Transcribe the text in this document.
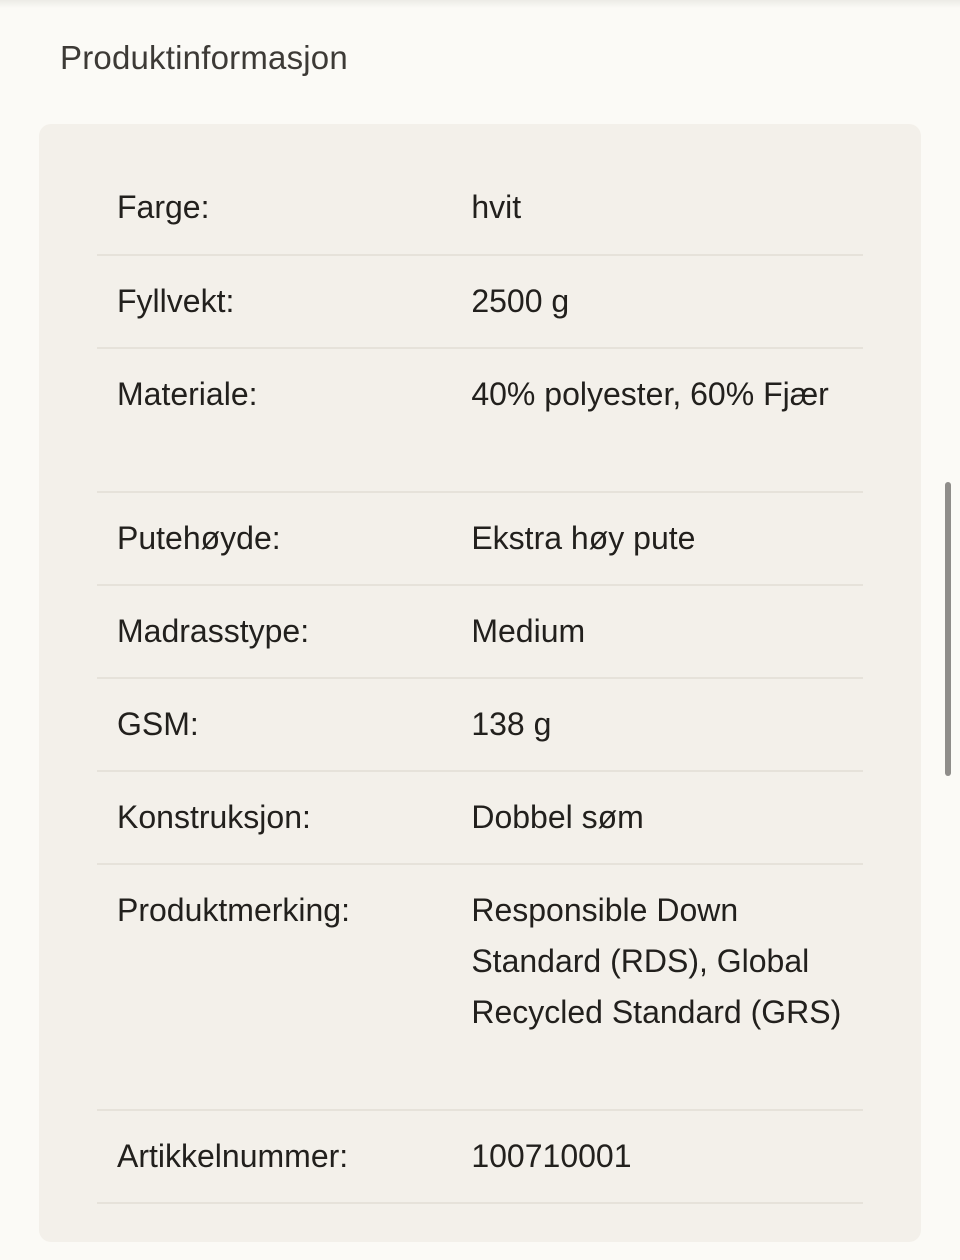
Produktinformasjon
Farge:	hvit
Fyllvekt:	2500 g
Materiale:	40% polyester, 60% Fjær
Putehøyde:	Ekstra høy pute
Madrasstype:	Medium
GSM:	138 g
Konstruksjon:	Dobbel søm
Produktmerking:	Responsible Down Standard (RDS), Global Recycled Standard (GRS)
Artikkelnummer:	100710001
